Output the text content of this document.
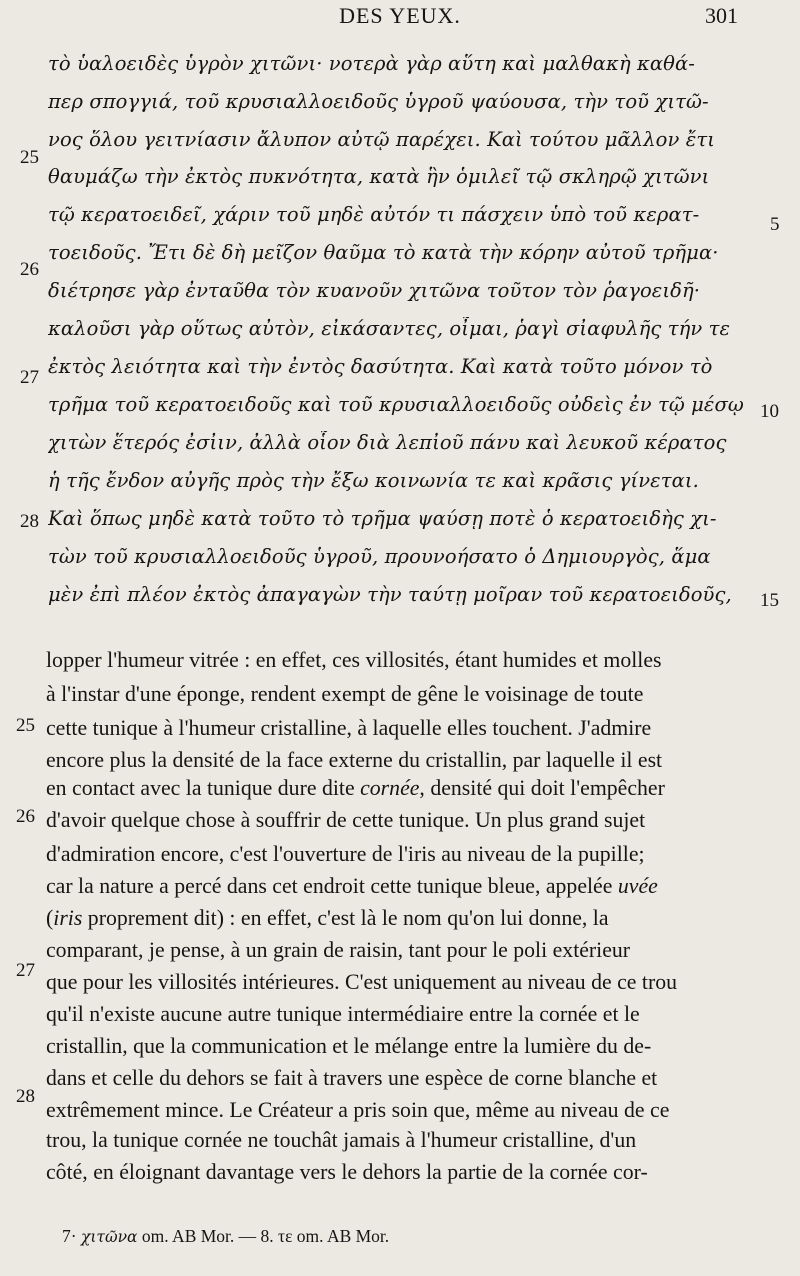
DES YEUX.	301
τὸ ὑαλοειδὲς ὑγρὸν χιτῶνι· νοτερὰ γὰρ αὕτη καὶ μαλθακὴ καθά-
περ σπογγιά, τοῦ κρυσιαλλοειδοῦς ὑγροῦ ψαύουσα, τὴν τοῦ χιτῶ-
νος ὅλου γειτνίασιν ἄλυπον αὐτῷ παρέχει. Καὶ τούτου μᾶλλον ἔτι
θαυμάζω τὴν ἐκτὸς πυκνότητα, κατὰ ἣν ὁμιλεῖ τῷ σκληρῷ χιτῶνι
τῷ κερατοειδεῖ, χάριν τοῦ μηδὲ αὐτόν τι πάσχειν ὑπὸ τοῦ κερατ-
τοειδοῦς. Ἔτι δὲ δὴ μεῖζον θαῦμα τὸ κατὰ τὴν κόρην αὐτοῦ τρῆμα·
διέτρησε γὰρ ἐνταῦθα τὸν κυανοῦν χιτῶνα τοῦτον τὸν ῥαγοειδῆ·
καλοῦσι γὰρ οὕτως αὐτὸν, εἰκάσαντες, οἶμαι, ῥαγὶ σἰαφυλῆς τήν τε
ἐκτὸς λειότητα καὶ τὴν ἐντὸς δασύτητα. Καὶ κατὰ τοῦτο μόνον τὸ
τρῆμα τοῦ κερατοειδοῦς καὶ τοῦ κρυσιαλλοειδοῦς οὐδεὶς ἐν τῷ μέσῳ
χιτὼν ἕτερός ἐσἰιν, ἀλλὰ οἷον διὰ λεπἰοῦ πάνυ καὶ λευκοῦ κέρατος
ἡ τῆς ἔνδον αὐγῆς πρὸς τὴν ἔξω κοινωνία τε καὶ κρᾶσις γίνεται.
Καὶ ὅπως μηδὲ κατὰ τοῦτο τὸ τρῆμα ψαύσῃ ποτὲ ὁ κερατοειδὴς χι-
τὼν τοῦ κρυσιαλλοειδοῦς ὑγροῦ, προυνοήσατο ὁ Δημιουργὸς, ἅμα
μὲν ἐπὶ πλέον ἐκτὸς ἀπαγαγὼν τὴν ταύτῃ μοῖραν τοῦ κερατοειδοῦς,
25
26
27
28
5
10
15
lopper l'humeur vitrée : en effet, ces villosités, étant humides et molles
à l'instar d'une éponge, rendent exempt de gêne le voisinage de toute
cette tunique à l'humeur cristalline, à laquelle elles touchent. J'admire
encore plus la densité de la face externe du cristallin, par laquelle il est
en contact avec la tunique dure dite cornée, densité qui doit l'empêcher
d'avoir quelque chose à souffrir de cette tunique. Un plus grand sujet
d'admiration encore, c'est l'ouverture de l'iris au niveau de la pupille;
car la nature a percé dans cet endroit cette tunique bleue, appelée uvée
(iris proprement dit) : en effet, c'est là le nom qu'on lui donne, la
comparant, je pense, à un grain de raisin, tant pour le poli extérieur
que pour les villosités intérieures. C'est uniquement au niveau de ce trou
qu'il n'existe aucune autre tunique intermédiaire entre la cornée et le
cristallin, que la communication et le mélange entre la lumière du de-
dans et celle du dehors se fait à travers une espèce de corne blanche et
extrêmement mince. Le Créateur a pris soin que, même au niveau de ce
trou, la tunique cornée ne touchât jamais à l'humeur cristalline, d'un
côté, en éloignant davantage vers le dehors la partie de la cornée cor-
25
26
27
28
7· χιτῶνα om. AB Mor. — 8. τε om. AB Mor.
